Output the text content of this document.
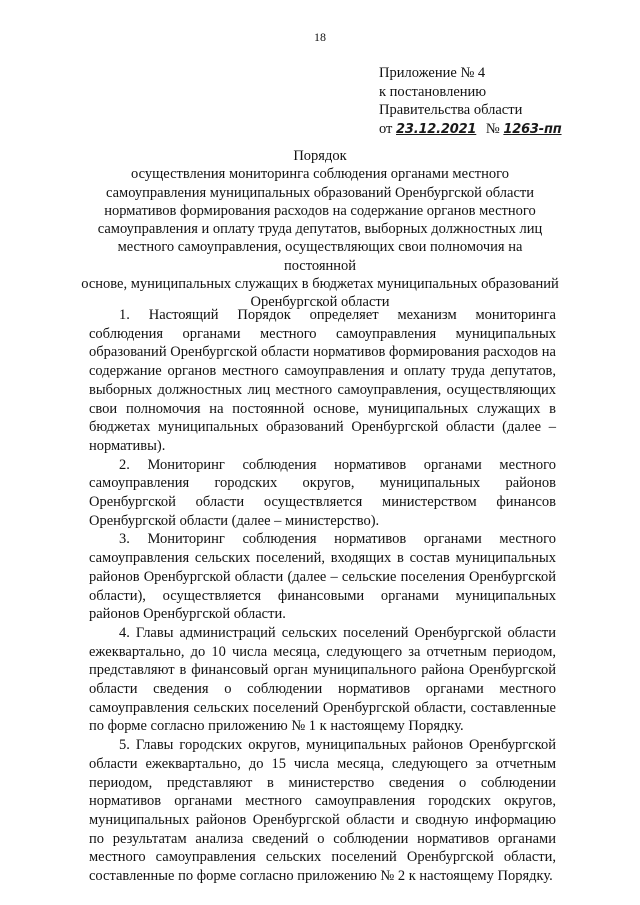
18
Приложение № 4
к постановлению
Правительства области
от 23.12.2021 № 1263-пп
Порядок
осуществления мониторинга соблюдения органами местного
самоуправления муниципальных образований Оренбургской области
нормативов формирования расходов на содержание органов местного
самоуправления и оплату труда депутатов, выборных должностных лиц
местного самоуправления, осуществляющих свои полномочия на постоянной
основе, муниципальных служащих в бюджетах муниципальных образований
Оренбургской области

1. Настоящий Порядок определяет механизм мониторинга соблюдения органами местного самоуправления муниципальных образований Оренбургской области нормативов формирования расходов на содержание органов местного самоуправления и оплату труда депутатов, выборных должностных лиц местного самоуправления, осуществляющих свои полномочия на постоянной основе, муниципальных служащих в бюджетах муниципальных образований Оренбургской области (далее – нормативы).

2. Мониторинг соблюдения нормативов органами местного самоуправления городских округов, муниципальных районов Оренбургской области осуществляется министерством финансов Оренбургской области (далее – министерство).

3. Мониторинг соблюдения нормативов органами местного самоуправления сельских поселений, входящих в состав муниципальных районов Оренбургской области (далее – сельские поселения Оренбургской области), осуществляется финансовыми органами муниципальных районов Оренбургской области.

4. Главы администраций сельских поселений Оренбургской области ежеквартально, до 10 числа месяца, следующего за отчетным периодом, представляют в финансовый орган муниципального района Оренбургской области сведения о соблюдении нормативов органами местного самоуправления сельских поселений Оренбургской области, составленные по форме согласно приложению № 1 к настоящему Порядку.

5. Главы городских округов, муниципальных районов Оренбургской области ежеквартально, до 15 числа месяца, следующего за отчетным периодом, представляют в министерство сведения о соблюдении нормативов органами местного самоуправления городских округов, муниципальных районов Оренбургской области и сводную информацию по результатам анализа сведений о соблюдении нормативов органами местного самоуправления сельских поселений Оренбургской области, составленные по форме согласно приложению № 2 к настоящему Порядку.
